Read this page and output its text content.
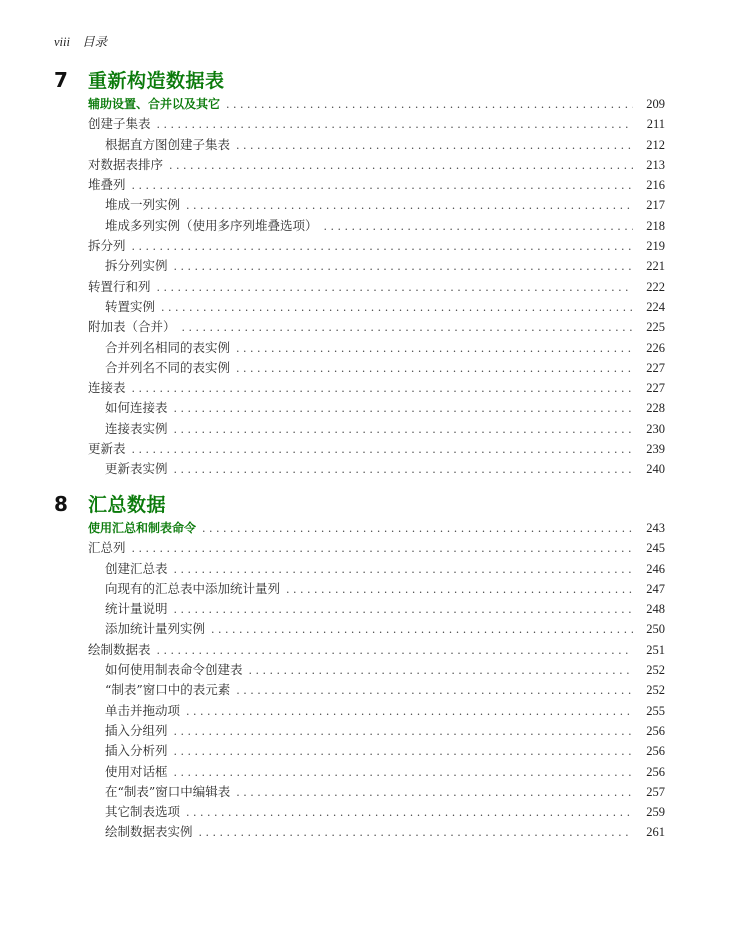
viii 目录
7	重新构造数据表
辅助设置、合并以及其它 . . .	209
创建子集表 . . .	211
根据直方图创建子集表 . . .	212
对数据表排序 . . .	213
堆叠列 . . .	216
堆成一列实例 . . .	217
堆成多列实例（使用多序列堆叠选项） . . .	218
拆分列 . . .	219
拆分列实例 . . .	221
转置行和列 . . .	222
转置实例 . . .	224
附加表（合并） . . .	225
合并列名相同的表实例 . . .	226
合并列名不同的表实例 . . .	227
连接表 . . .	227
如何连接表 . . .	228
连接表实例 . . .	230
更新表 . . .	239
更新表实例 . . .	240
8	汇总数据
使用汇总和制表命令 . . .	243
汇总列 . . .	245
创建汇总表 . . .	246
向现有的汇总表中添加统计量列 . . .	247
统计量说明 . . .	248
添加统计量列实例 . . .	250
绘制数据表 . . .	251
如何使用制表命令创建表 . . .	252
“制表”窗口中的表元素 . . .	252
单击并拖动项 . . .	255
插入分组列 . . .	256
插入分析列 . . .	256
使用对话框 . . .	256
在“制表”窗口中编辑表 . . .	257
其它制表选项 . . .	259
绘制数据表实例 . . .	261
